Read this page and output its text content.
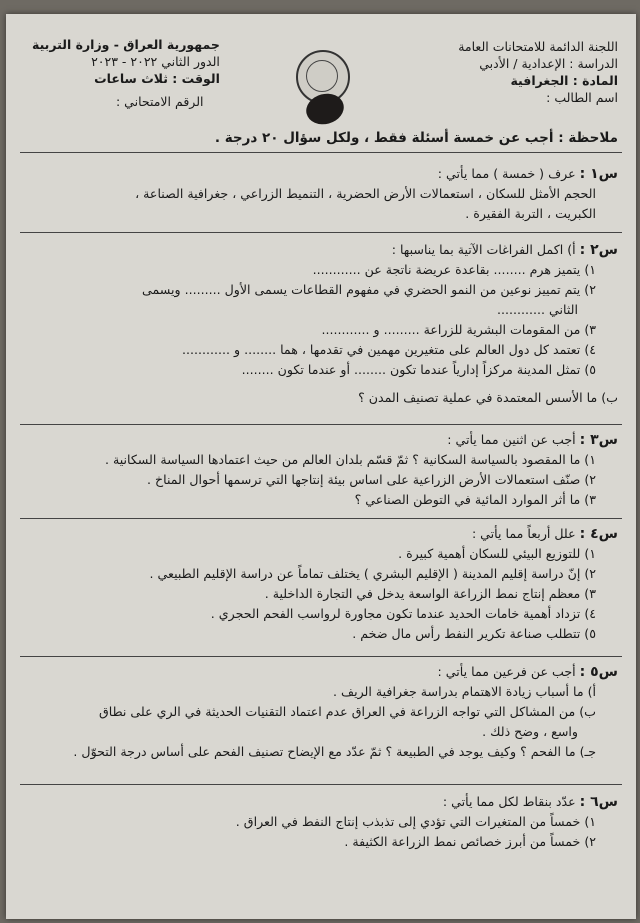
اللجنة الدائمة للامتحانات العامة
الدراسة : الإعدادية / الأدبي
المادة : الجغرافية
اسم الطالب :
جمهورية العراق - وزارة التربية
الدور الثاني ٢٠٢٢ - ٢٠٢٣
الوقت : ثلاث ساعات
الرقم الامتحاني :
ملاحظة : أجب عن خمسة أسئلة فقط ، ولكل سؤال ٢٠ درجة .
س١ : عرف ( خمسة ) مما يأتي :
الحجم الأمثل للسكان ، استعمالات الأرض الحضرية ، التنميط الزراعي ، جغرافية الصناعة ،
الكبريت ، التربة الفقيرة .
س٢ : أ) اكمل الفراغات الآتية بما يناسبها :
١) يتميز هرم ........ بقاعدة عريضة ناتجة عن ............
٢) يتم تمييز نوعين من النمو الحضري في مفهوم القطاعات يسمى الأول ......... ويسمى
الثاني ............
٣) من المقومات البشرية للزراعة ......... و ............
٤) تعتمد كل دول العالم على متغيرين مهمين في تقدمها ، هما ........ و ............
٥) تمثل المدينة مركزاً إدارياً عندما تكون ........ أو عندما تكون ........
ب) ما الأسس المعتمدة في عملية تصنيف المدن ؟
س٣ : أجب عن اثنين مما يأتي :
١) ما المقصود بالسياسة السكانية ؟ ثمّ قسّم بلدان العالم من حيث اعتمادها السياسة السكانية .
٢) صنّف استعمالات الأرض الزراعية على اساس بيئة إنتاجها التي ترسمها أحوال المناخ .
٣) ما أثر الموارد المائية في التوطن الصناعي ؟
س٤ : علل أربعاً مما يأتي :
١) للتوزيع البيئي للسكان أهمية كبيرة .
٢) إنّ دراسة إقليم المدينة ( الإقليم البشري ) يختلف تماماً عن دراسة الإقليم الطبيعي .
٣) معظم إنتاج نمط الزراعة الواسعة يدخل في التجارة الداخلية .
٤) تزداد أهمية خامات الحديد عندما تكون مجاورة لرواسب الفحم الحجري .
٥) تتطلب صناعة تكرير النفط رأس مال ضخم .
س٥ : أجب عن فرعين مما يأتي :
أ) ما أسباب زيادة الاهتمام بدراسة جغرافية الريف .
ب) من المشاكل التي تواجه الزراعة في العراق عدم اعتماد التقنيات الحديثة في الري على نطاق
واسع ، وضح ذلك .
جـ) ما الفحم ؟ وكيف يوجد في الطبيعة ؟ ثمّ عدّد مع الإيضاح تصنيف الفحم على أساس درجة التحوّل .
س٦ : عدّد بنقاط لكل مما يأتي :
١) خمساً من المتغيرات التي تؤدي إلى تذبذب إنتاج النفط في العراق .
٢) خمساً من أبرز خصائص نمط الزراعة الكثيفة .
